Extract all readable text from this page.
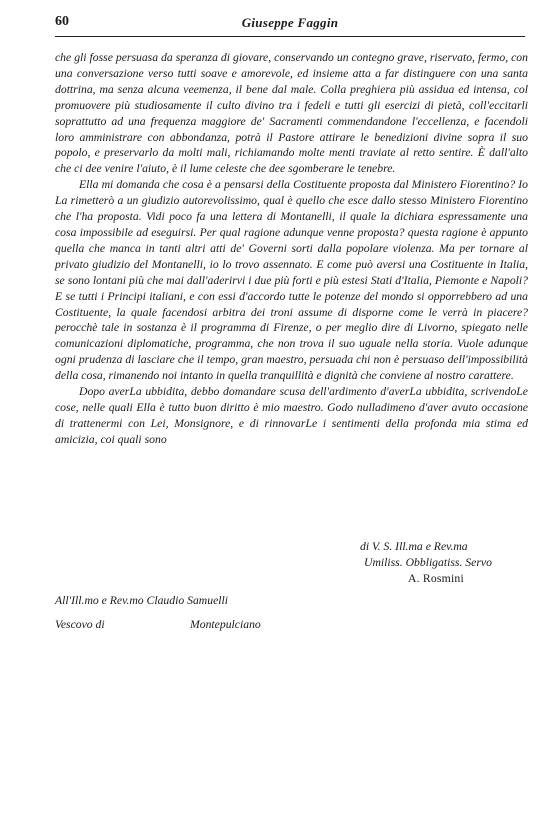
60	Giuseppe Faggin

che gli fosse persuasa da speranza di giovare, conservando un contegno grave, riservato, fermo, con una conversazione verso tutti soave e amorevole, ed insieme atta a far distinguere con una santa dottrina, ma senza alcuna veemenza, il bene dal male. Colla preghiera più assidua ed intensa, col promuovere più studiosamente il culto divino tra i fedeli e tutti gli esercizi di pietà, coll'eccitarli soprattutto ad una frequenza maggiore de' Sacramenti commendandone l'eccellenza, e facendoli loro amministrare con abbondanza, potrà il Pastore attirare le benedizioni divine sopra il suo popolo, e preservarlo da molti mali, richiamando molte menti traviate al retto sentire. È dall'alto che ci dee venire l'aiuto, è il lume celeste che dee sgomberare le tenebre.

Ella mi domanda che cosa è a pensarsi della Costituente proposta dal Ministero Fiorentino? Io La rimetterò a un giudizio autorevolissimo, qual è quello che esce dallo stesso Ministero Fiorentino che l'ha proposta. Vidi poco fa una lettera di Montanelli, il quale la dichiara espressamente una cosa impossibile ad eseguirsi. Per qual ragione adunque venne proposta? questa ragione è appunto quella che manca in tanti altri atti de' Governi sorti dalla popolare violenza. Ma per tornare al privato giudizio del Montanelli, io lo trovo assennato. E come può aversi una Costituente in Italia, se sono lontani più che mai dall'aderirvi i due più forti e più estesi Stati d'Italia, Piemonte e Napoli? E se tutti i Principi italiani, e con essi d'accordo tutte le potenze del mondo si opporrebbero ad una Costituente, la quale facendosi arbitra dei troni assume di disporne come le verrà in piacere? perocchè tale in sostanza è il programma di Firenze, o per meglio dire di Livorno, spiegato nelle comunicazioni diplomatiche, programma, che non trova il suo uguale nella storia. Vuole adunque ogni prudenza di lasciare che il tempo, gran maestro, persuada chi non è persuaso dell'impossibilità della cosa, rimanendo noi intanto in quella tranquillità e dignità che conviene al nostro carattere.

Dopo averLa ubbidita, debbo domandare scusa dell'ardimento d'averLa ubbidita, scrivendoLe cose, nelle quali Ella è tutto buon diritto è mio maestro. Godo nulladimeno d'aver avuto occasione di trattenermi con Lei, Monsignore, e di rinnovarLe i sentimenti della profonda mia stima ed amicizia, coi quali sono

di V. S. Ill.ma e Rev.ma
Umiliss. Obbligatiss. Servo
A. Rosmini
All'Ill.mo e Rev.mo Claudio Samuelli
Vescovo di	Montepulciano
